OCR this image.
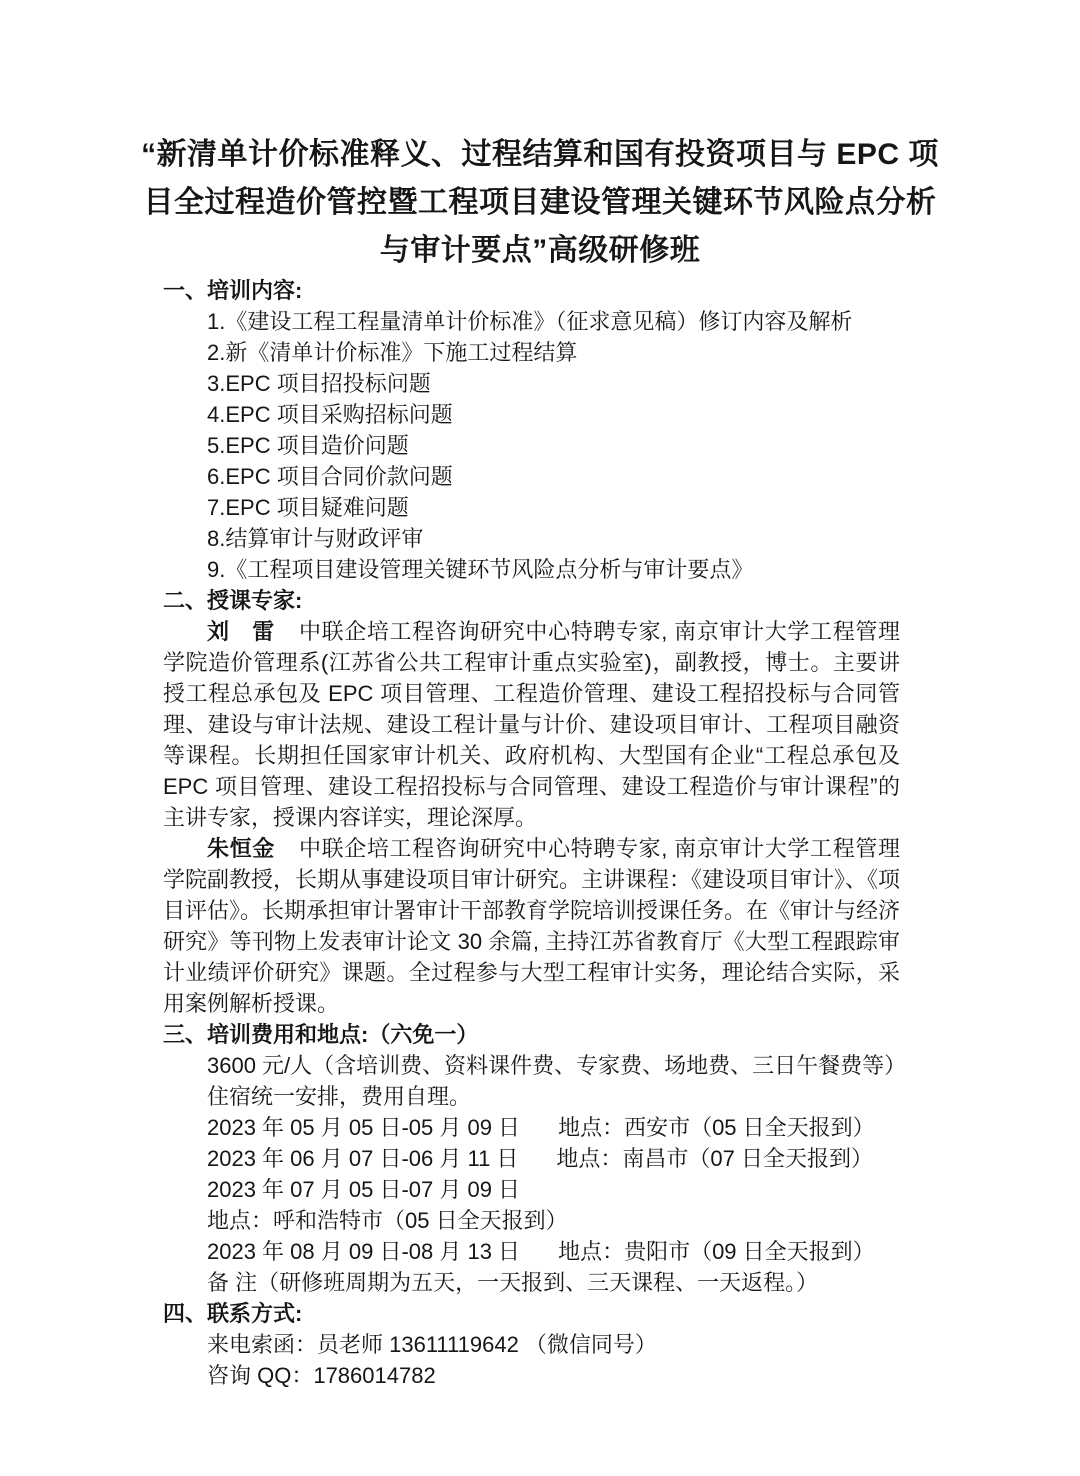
“新清单计价标准释义、过程结算和国有投资项目与 EPC 项目全过程造价管控暨工程项目建设管理关键环节风险点分析与审计要点”高级研修班
一、培训内容:
1.《建设工程工程量清单计价标准》（征求意见稿）修订内容及解析
2.新《清单计价标准》下施工过程结算
3.EPC 项目招投标问题
4.EPC 项目采购招标问题
5.EPC 项目造价问题
6.EPC 项目合同价款问题
7.EPC 项目疑难问题
8.结算审计与财政评审
9.《工程项目建设管理关键环节风险点分析与审计要点》
二、授课专家:

刘　雷 中联企培工程咨询研究中心特聘专家, 南京审计大学工程管理学院造价管理系(江苏省公共工程审计重点实验室)，副教授，博士。主要讲授工程总承包及 EPC 项目管理、工程造价管理、建设工程招投标与合同管理、建设与审计法规、建设工程计量与计价、建设项目审计、工程项目融资等课程。长期担任国家审计机关、政府机构、大型国有企业“工程总承包及 EPC 项目管理、建设工程招投标与合同管理、建设工程造价与审计课程”的主讲专家，授课内容详实，理论深厚。

朱恒金 中联企培工程咨询研究中心特聘专家, 南京审计大学工程管理学院副教授，长期从事建设项目审计研究。主讲课程：《建设项目审计》、《项目评估》。长期承担审计署审计干部教育学院培训授课任务。在《审计与经济研究》等刊物上发表审计论文 30 余篇, 主持江苏省教育厅《大型工程跟踪审计业绩评价研究》课题。全过程参与大型工程审计实务，理论结合实际，采用案例解析授课。

三、培训费用和地点:（六免一）
3600 元/人（含培训费、资料课件费、专家费、场地费、三日午餐费等）
住宿统一安排，费用自理。
2023 年 05 月 05 日-05 月 09 日 地点：西安市（05 日全天报到）
2023 年 06 月 07 日-06 月 11 日 地点：南昌市（07 日全天报到）
2023 年 07 月 05 日-07 月 09 日地点：呼和浩特市（05 日全天报到）
2023 年 08 月 09 日-08 月 13 日 地点：贵阳市（09 日全天报到）
备 注（研修班周期为五天，一天报到、三天课程、一天返程。）
四、联系方式:
来电索函：员老师 13611119642 （微信同号）
咨询 QQ：1786014782
